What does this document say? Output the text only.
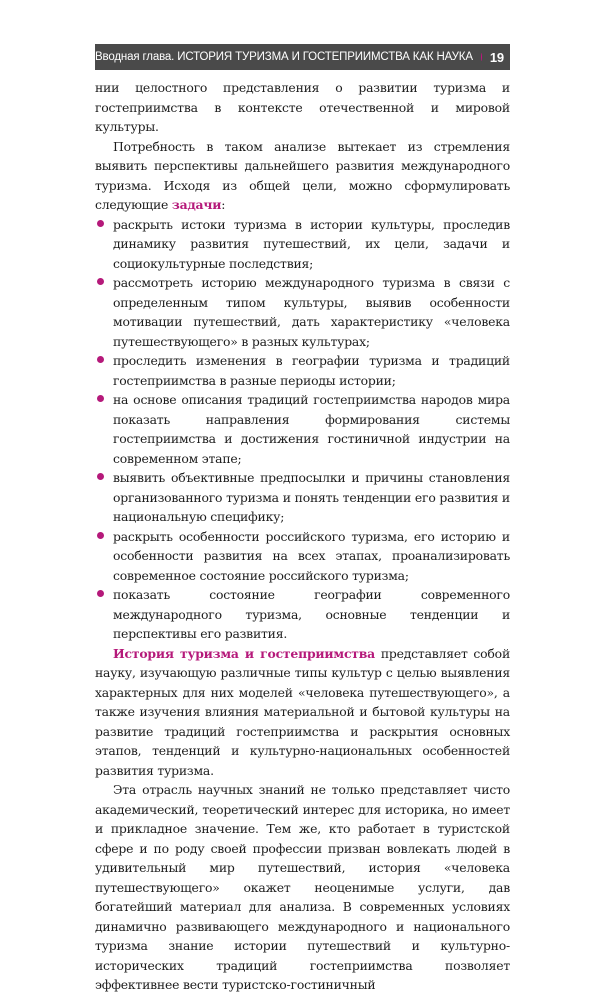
Вводная глава. ИСТОРИЯ ТУРИЗМА И ГОСТЕПРИИМСТВА КАК НАУКА 19

нии целостного представления о развитии туризма и гостеприимства в контексте отечественной и мировой культуры.

Потребность в таком анализе вытекает из стремления выявить перспективы дальнейшего развития международного туризма. Исходя из общей цели, можно сформулировать следующие задачи:

раскрыть истоки туризма в истории культуры, проследив динамику развития путешествий, их цели, задачи и социокультурные последствия;
рассмотреть историю международного туризма в связи с определенным типом культуры, выявив особенности мотивации путешествий, дать характеристику «человека путешествующего» в разных культурах;
проследить изменения в географии туризма и традиций гостеприимства в разные периоды истории;
на основе описания традиций гостеприимства народов мира показать направления формирования системы гостеприимства и достижения гостиничной индустрии на современном этапе;
выявить объективные предпосылки и причины становления организованного туризма и понять тенденции его развития и национальную специфику;
раскрыть особенности российского туризма, его историю и особенности развития на всех этапах, проанализировать современное состояние российского туризма;
показать состояние географии современного международного туризма, основные тенденции и перспективы его развития.

История туризма и гостеприимства представляет собой науку, изучающую различные типы культур с целью выявления характерных для них моделей «человека путешествующего», а также изучения влияния материальной и бытовой культуры на развитие традиций гостеприимства и раскрытия основных этапов, тенденций и культурно-национальных особенностей развития туризма.

Эта отрасль научных знаний не только представляет чисто академический, теоретический интерес для историка, но имеет и прикладное значение. Тем же, кто работает в туристской сфере и по роду своей профессии призван вовлекать людей в удивительный мир путешествий, история «человека путешествующего» окажет неоценимые услуги, дав богатейший материал для анализа. В современных условиях динамично развивающего международного и национального туризма знание истории путешествий и культурно-исторических традиций гостеприимства позволяет эффективнее вести туристско-гостиничный
